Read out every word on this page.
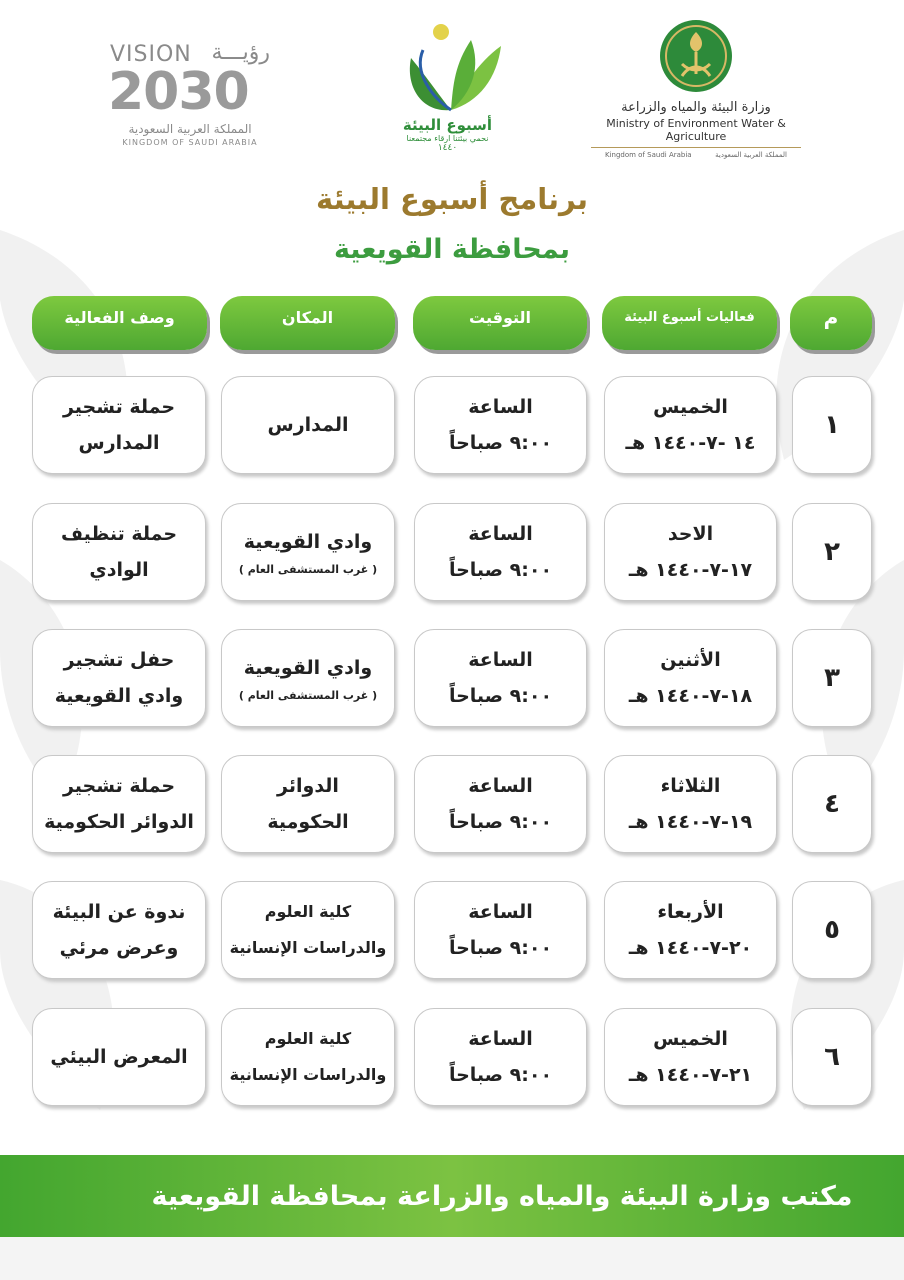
VISION رؤيـــة
2030
المملكة العربية السعودية
KINGDOM OF SAUDI ARABIA
أسبوع البيئة
نحمي بيئتنا ارقاء مجتمعنا
١٤٤٠
وزارة البيئة والمياه والزراعة
Ministry of Environment Water & Agriculture
Kingdom of Saudi Arabia	المملكة العربية السعودية
برنامج أسبوع البيئة
بمحافظة القويعية
م
فعاليات أسبوع البيئة
التوقيت
المكان
وصف الفعالية
١
الخميس
١٤ -٧-١٤٤٠ هـ
الساعة
٩:٠٠ صباحاً
المدارس
حملة تشجير
المدارس
٢
الاحد
١٧-٧-١٤٤٠ هـ
الساعة
٩:٠٠ صباحاً
وادي القويعية
( غرب المستشفى العام )
حملة تنظيف
الوادي
٣
الأثنين
١٨-٧-١٤٤٠ هـ
الساعة
٩:٠٠ صباحاً
وادي القويعية
( غرب المستشفى العام )
حفل تشجير
وادي القويعية
٤
الثلاثاء
١٩-٧-١٤٤٠ هـ
الساعة
٩:٠٠ صباحاً
الدوائر
الحكومية
حملة تشجير
الدوائر الحكومية
٥
الأربعاء
٢٠-٧-١٤٤٠ هـ
الساعة
٩:٠٠ صباحاً
كلية العلوم
والدراسات الإنسانية
ندوة عن البيئة
وعرض مرئي
٦
الخميس
٢١-٧-١٤٤٠ هـ
الساعة
٩:٠٠ صباحاً
كلية العلوم
والدراسات الإنسانية
المعرض البيئي
مكتب وزارة البيئة والمياه والزراعة بمحافظة القويعية
